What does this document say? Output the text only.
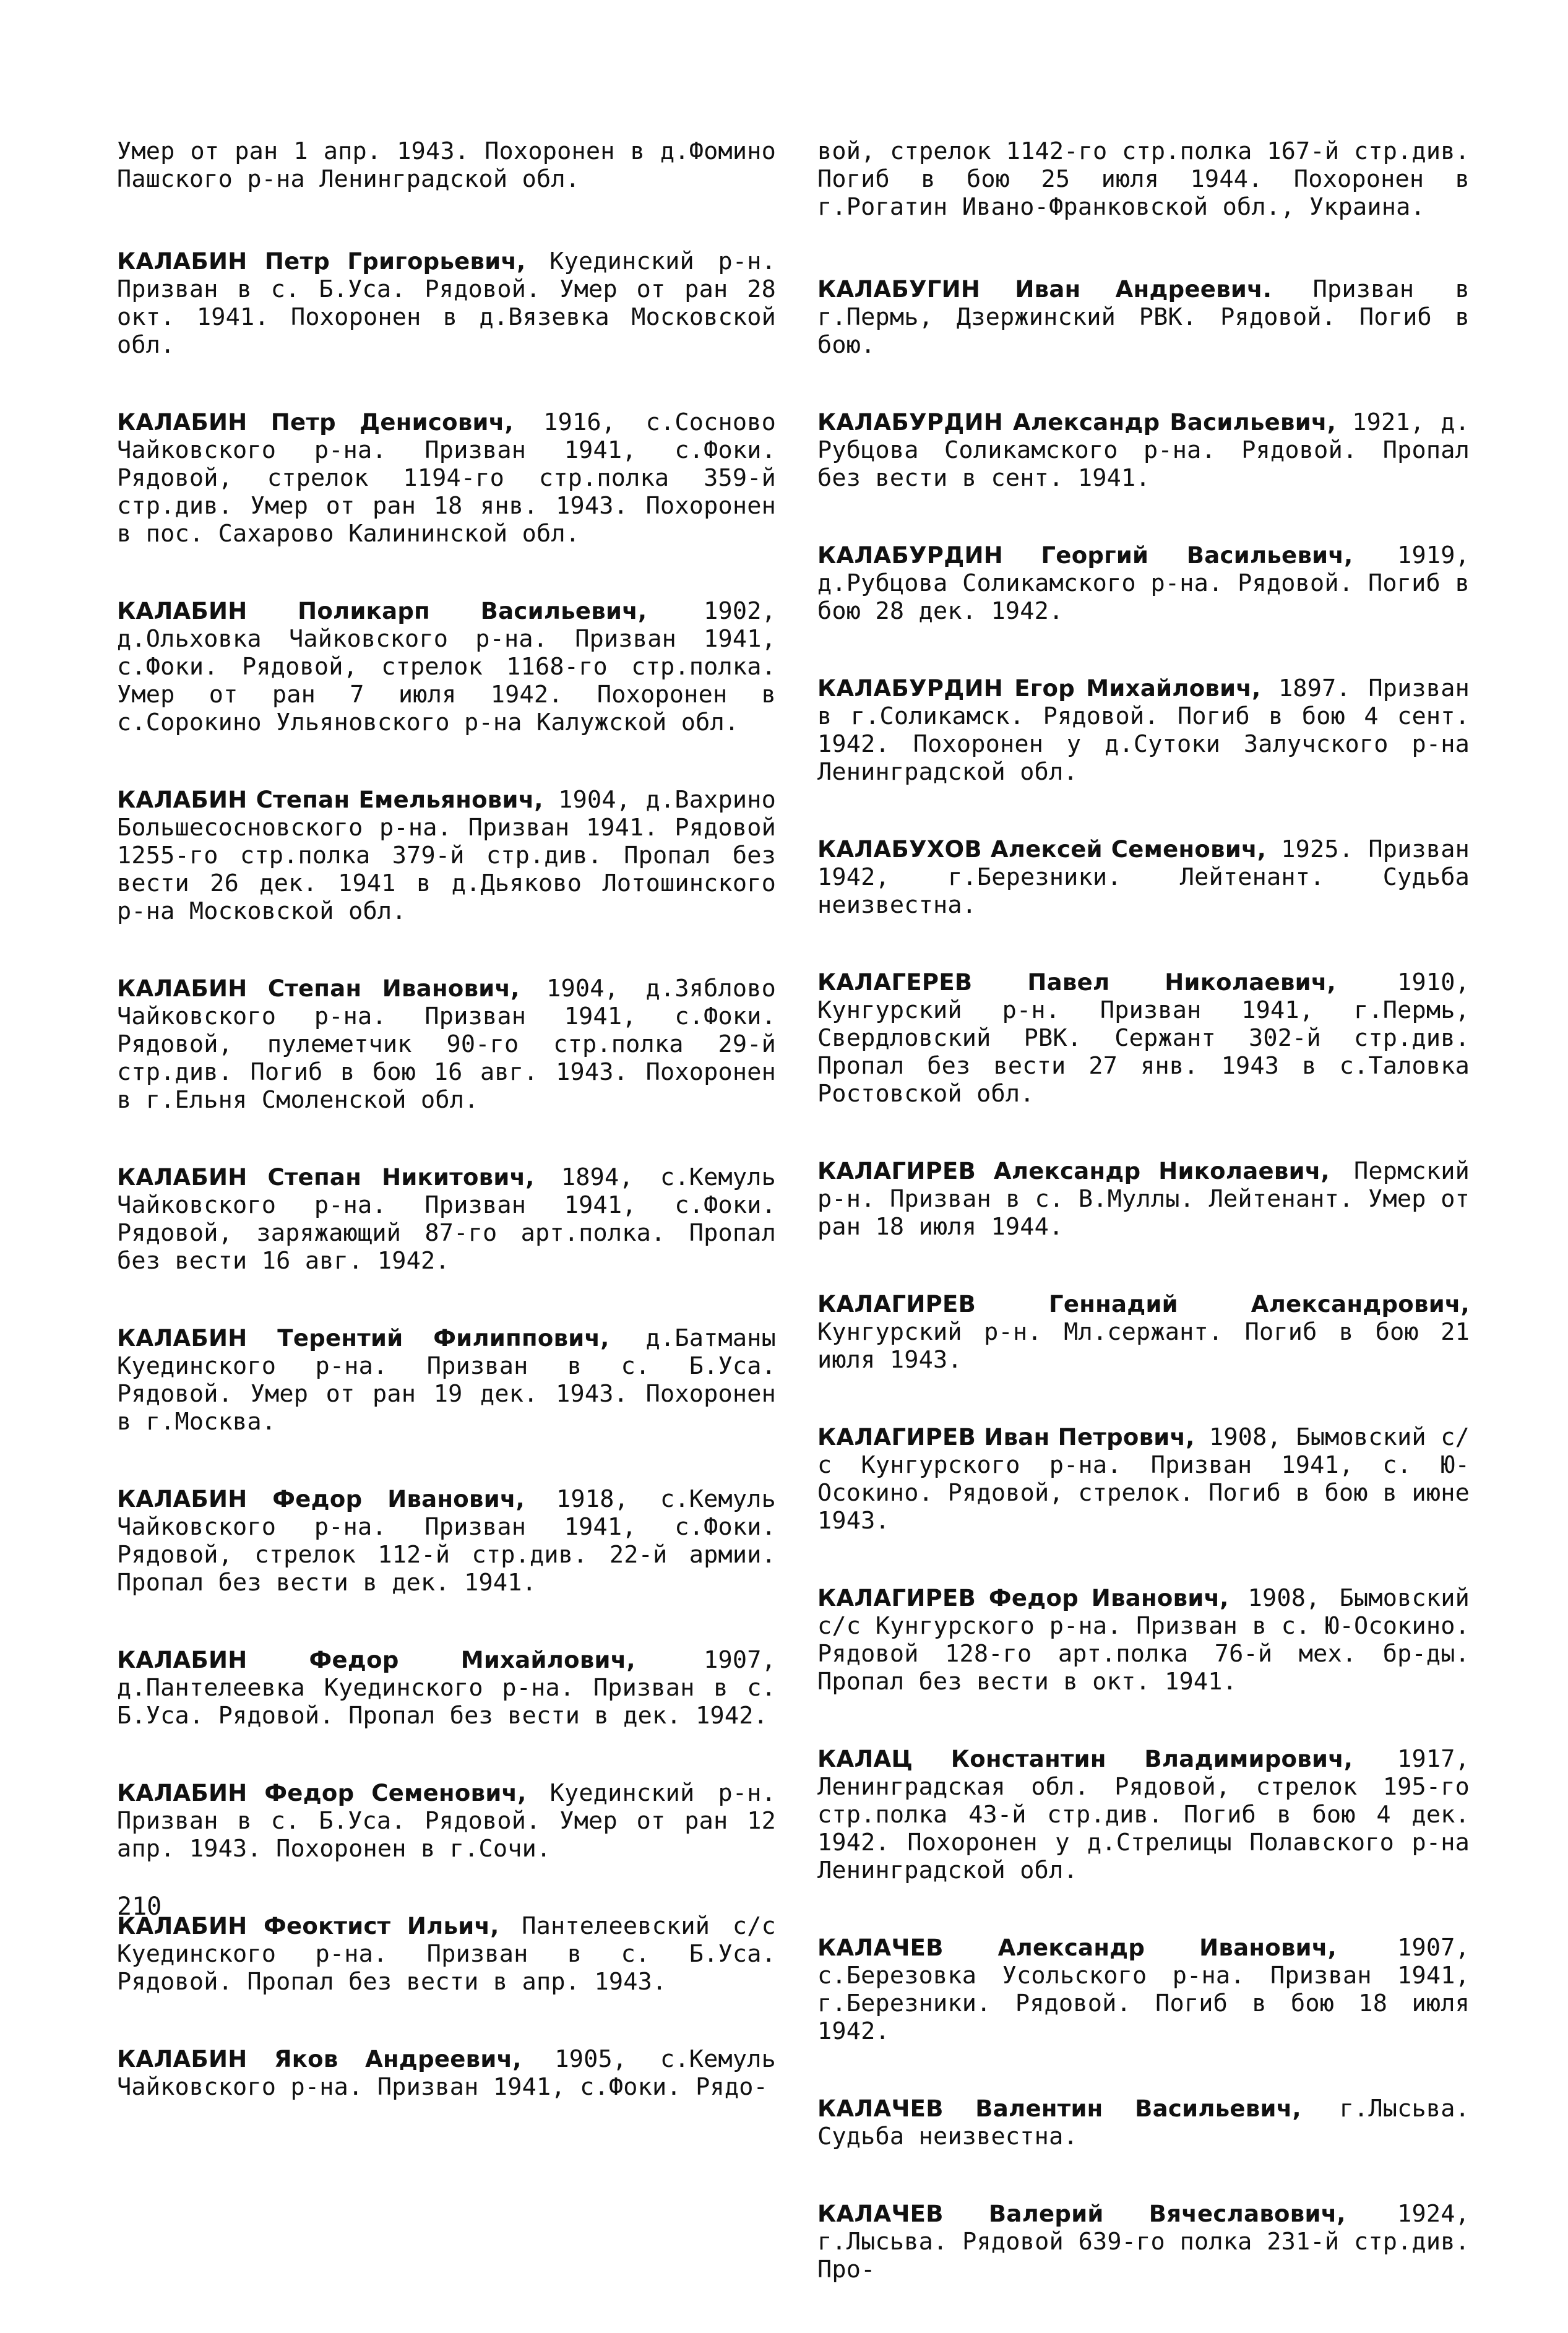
Умер от ран 1 апр. 1943. Похоронен в д.Фомино Пашского р-на Ленинградской обл.

КАЛАБИН Петр Григорьевич, Куединский р-н. Призван в с. Б.Уса. Рядовой. Умер от ран 28 окт. 1941. Похоронен в д.Вязевка Московской обл.

КАЛАБИН Петр Денисович, 1916, с.Сосново Чайковского р-на. Призван 1941, с.Фоки. Рядовой, стрелок 1194-го стр.полка 359-й стр.див. Умер от ран 18 янв. 1943. Похоронен в пос. Сахарово Калининской обл.

КАЛАБИН Поликарп Васильевич, 1902, д.Ольховка Чайковского р-на. Призван 1941, с.Фоки. Рядовой, стрелок 1168-го стр.полка. Умер от ран 7 июля 1942. Похоронен в с.Сорокино Ульяновского р-на Калужской обл.

КАЛАБИН Степан Емельянович, 1904, д.Вахрино Большесосновского р-на. Призван 1941. Рядовой 1255-го стр.полка 379-й стр.див. Пропал без вести 26 дек. 1941 в д.Дьяково Лотошинского р-на Московской обл.

КАЛАБИН Степан Иванович, 1904, д.Зяблово Чайковского р-на. Призван 1941, с.Фоки. Рядовой, пулеметчик 90-го стр.полка 29-й стр.див. Погиб в бою 16 авг. 1943. Похоронен в г.Ельня Смоленской обл.

КАЛАБИН Степан Никитович, 1894, с.Кемуль Чайковского р-на. Призван 1941, с.Фоки. Рядовой, заряжающий 87-го арт.полка. Пропал без вести 16 авг. 1942.

КАЛАБИН Терентий Филиппович, д.Батманы Куединского р-на. Призван в с. Б.Уса. Рядовой. Умер от ран 19 дек. 1943. Похоронен в г.Москва.

КАЛАБИН Федор Иванович, 1918, с.Кемуль Чайковского р-на. Призван 1941, с.Фоки. Рядовой, стрелок 112-й стр.див. 22-й армии. Пропал без вести в дек. 1941.

КАЛАБИН Федор Михайлович, 1907, д.Пантелеевка Куединского р-на. Призван в с. Б.Уса. Рядовой. Пропал без вести в дек. 1942.

КАЛАБИН Федор Семенович, Куединский р-н. Призван в с. Б.Уса. Рядовой. Умер от ран 12 апр. 1943. Похоронен в г.Сочи.

КАЛАБИН Феоктист Ильич, Пантелеевский с/с Куединского р-на. Призван в с. Б.Уса. Рядовой. Пропал без вести в апр. 1943.

КАЛАБИН Яков Андреевич, 1905, с.Кемуль Чайковского р-на. Призван 1941, с.Фоки. Рядо-

вой, стрелок 1142-го стр.полка 167-й стр.див. Погиб в бою 25 июля 1944. Похоронен в г.Рогатин Ивано-Франковской обл., Украина.

КАЛАБУГИН Иван Андреевич. Призван в г.Пермь, Дзержинский РВК. Рядовой. Погиб в бою.

КАЛАБУРДИН Александр Васильевич, 1921, д. Рубцова Соликамского р-на. Рядовой. Пропал без вести в сент. 1941.

КАЛАБУРДИН Георгий Васильевич, 1919, д.Рубцова Соликамского р-на. Рядовой. Погиб в бою 28 дек. 1942.

КАЛАБУРДИН Егор Михайлович, 1897. Призван в г.Соликамск. Рядовой. Погиб в бою 4 сент. 1942. Похоронен у д.Сутоки Залучского р-на Ленинградской обл.

КАЛАБУХОВ Алексей Семенович, 1925. Призван 1942, г.Березники. Лейтенант. Судьба неизвестна.

КАЛАГЕРЕВ Павел Николаевич, 1910, Кунгурский р-н. Призван 1941, г.Пермь, Свердловский РВК. Сержант 302-й стр.див. Пропал без вести 27 янв. 1943 в с.Таловка Ростовской обл.

КАЛАГИРЕВ Александр Николаевич, Пермский р-н. Призван в с. В.Муллы. Лейтенант. Умер от ран 18 июля 1944.

КАЛАГИРЕВ Геннадий Александрович, Кунгурский р-н. Мл.сержант. Погиб в бою 21 июля 1943.

КАЛАГИРЕВ Иван Петрович, 1908, Бымовский с/с Кунгурского р-на. Призван 1941, с. Ю-Осокино. Рядовой, стрелок. Погиб в бою в июне 1943.

КАЛАГИРЕВ Федор Иванович, 1908, Бымовский с/с Кунгурского р-на. Призван в с. Ю-Осокино. Рядовой 128-го арт.полка 76-й мех. бр-ды. Пропал без вести в окт. 1941.

КАЛАЦ Константин Владимирович, 1917, Ленинградская обл. Рядовой, стрелок 195-го стр.полка 43-й стр.див. Погиб в бою 4 дек. 1942. Похоронен у д.Стрелицы Полавского р-на Ленинградской обл.

КАЛАЧЕВ Александр Иванович, 1907, с.Березовка Усольского р-на. Призван 1941, г.Березники. Рядовой. Погиб в бою 18 июля 1942.

КАЛАЧЕВ Валентин Васильевич, г.Лысьва. Судьба неизвестна.

КАЛАЧЕВ Валерий Вячеславович, 1924, г.Лысьва. Рядовой 639-го полка 231-й стр.див. Про-

210
